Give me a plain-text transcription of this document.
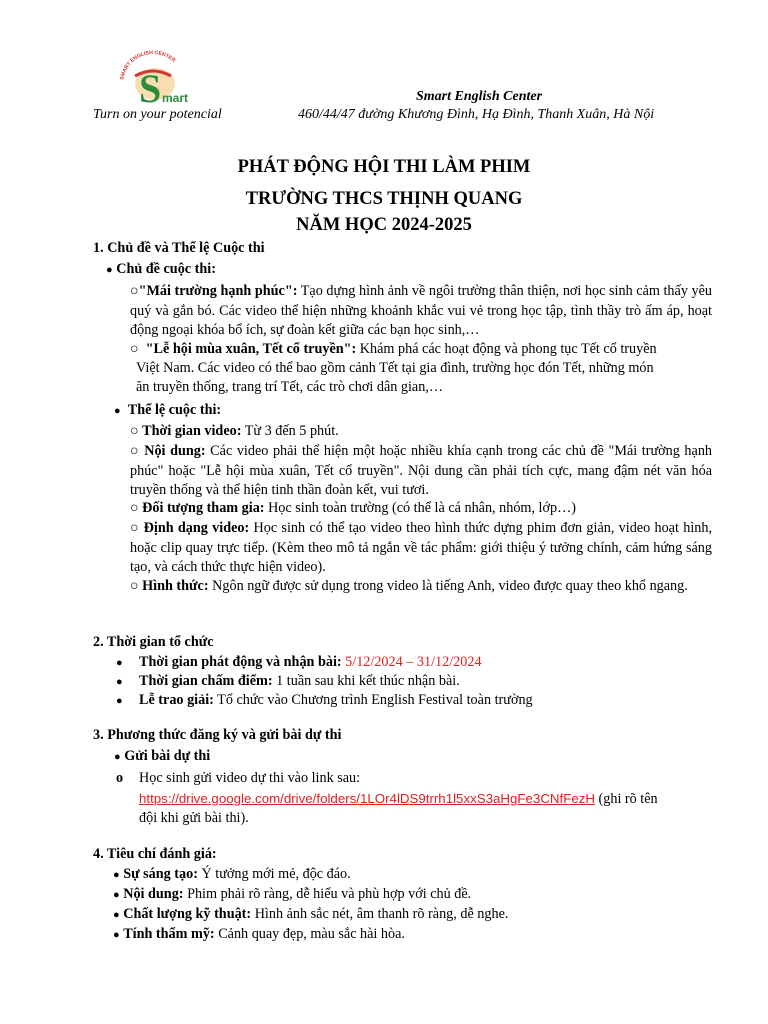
SMART ENGLISH CENTER
S mart	Smart English Center
Turn on your potencial	460/44/47 đường Khương Đình, Hạ Đình, Thanh Xuân, Hà Nội
PHÁT ĐỘNG HỘI THI LÀM PHIM
TRƯỜNG THCS THỊNH QUANG
NĂM HỌC 2024-2025
1. Chủ đề và Thể lệ Cuộc thi
● Chủ đề cuộc thi:
○"Mái trường hạnh phúc": Tạo dựng hình ảnh về ngôi trường thân thiện, nơi học sinh cảm thấy yêu quý và gắn bó. Các video thể hiện những khoảnh khắc vui vẻ trong học tập, tình thầy trò ấm áp, hoạt động ngoại khóa bổ ích, sự đoàn kết giữa các bạn học sinh,…
○ "Lễ hội mùa xuân, Tết cổ truyền": Khám phá các hoạt động và phong tục Tết cổ truyền
Việt Nam. Các video có thể bao gồm cảnh Tết tại gia đình, trường học đón Tết, những món
ăn truyền thống, trang trí Tết, các trò chơi dân gian,…
● Thể lệ cuộc thi:
○ Thời gian video: Từ 3 đến 5 phút.
○ Nội dung: Các video phải thể hiện một hoặc nhiều khía cạnh trong các chủ đề "Mái trường hạnh phúc" hoặc "Lễ hội mùa xuân, Tết cổ truyền". Nội dung cần phải tích cực, mang đậm nét văn hóa truyền thống và thể hiện tinh thần đoàn kết, vui tươi.
○ Đối tượng tham gia: Học sinh toàn trường (có thể là cá nhân, nhóm, lớp…)
○ Định dạng video: Học sinh có thể tạo video theo hình thức dựng phim đơn giản, video hoạt hình, hoặc clip quay trực tiếp. (Kèm theo mô tả ngắn về tác phẩm: giới thiệu ý tưởng chính, cảm hứng sáng tạo, và cách thức thực hiện video).
○ Hình thức: Ngôn ngữ được sử dụng trong video là tiếng Anh, video được quay theo khổ ngang.
2. Thời gian tổ chức
● Thời gian phát động và nhận bài: 5/12/2024 – 31/12/2024
● Thời gian chấm điểm: 1 tuần sau khi kết thúc nhận bài.
● Lễ trao giải: Tổ chức vào Chương trình English Festival toàn trường
3. Phương thức đăng ký và gửi bài dự thi
● Gửi bài dự thi
o Học sinh gửi video dự thi vào link sau:
https://drive.google.com/drive/folders/1LOr4lDS9trrh1l5xxS3aHgFe3CNfFezH (ghi rõ tên
đội khi gửi bài thi).
4. Tiêu chí đánh giá:
● Sự sáng tạo: Ý tưởng mới mẻ, độc đáo.
● Nội dung: Phim phải rõ ràng, dễ hiểu và phù hợp với chủ đề.
● Chất lượng kỹ thuật: Hình ảnh sắc nét, âm thanh rõ ràng, dễ nghe.
● Tính thẩm mỹ: Cảnh quay đẹp, màu sắc hài hòa.
